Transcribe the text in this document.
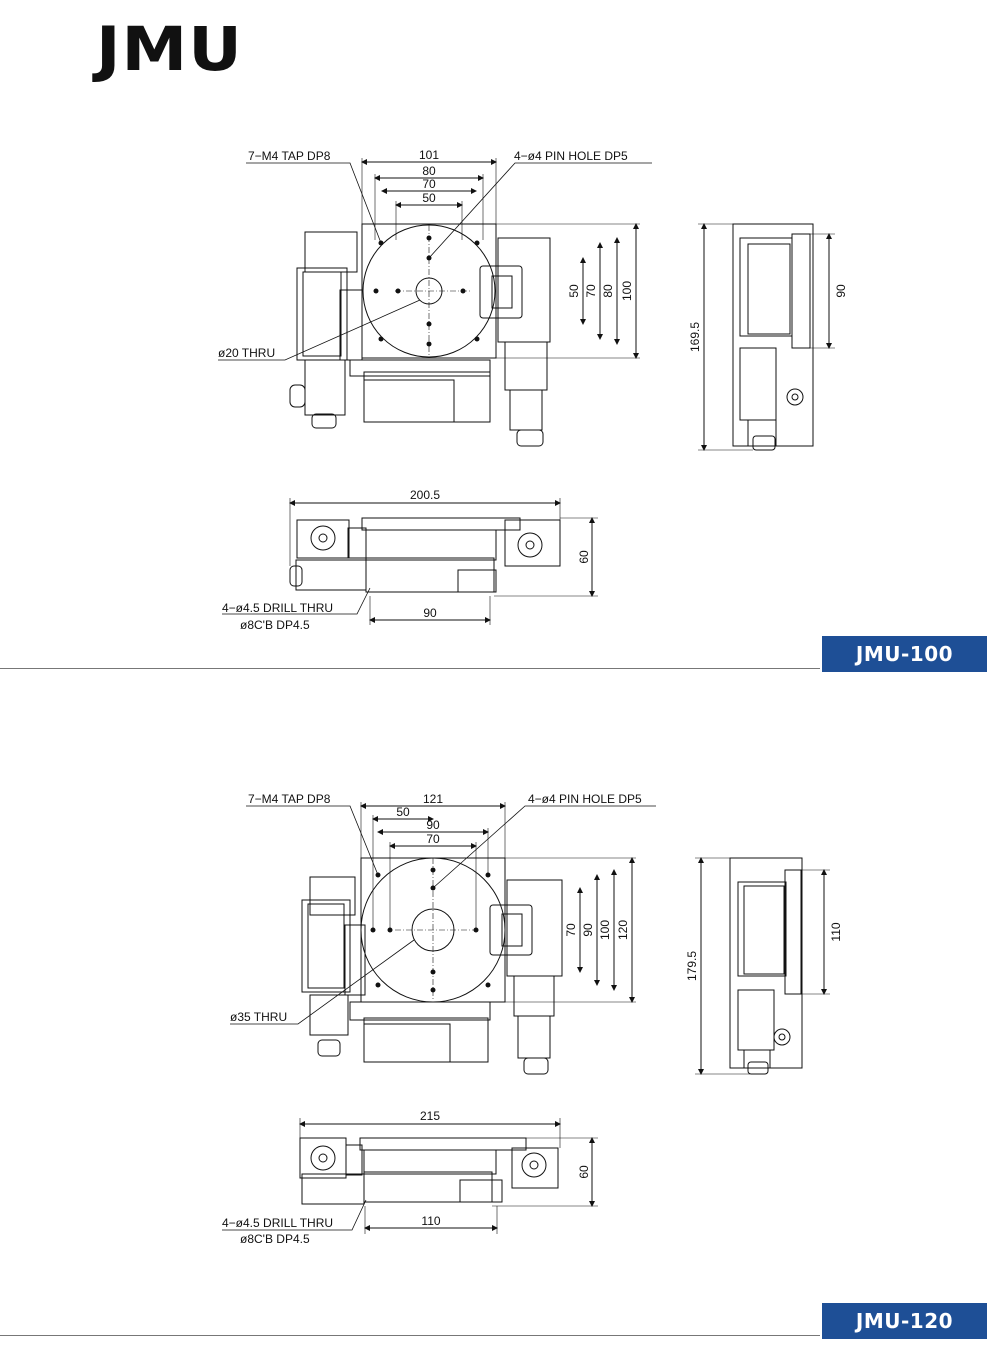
JMU
7−M4 TAP DP8	4−ø4 PIN HOLE DP5
ø20 THRU
101
80
70
50
50 70 80 100
169.5
90
200.5
60
90
4−ø4.5 DRILL THRU
ø8C'B DP4.5
7−M4 TAP DP8	4−ø4 PIN HOLE DP5
ø35 THRU
121
50
90
70
70 90 100 120
179.5
110
215
60
110
4−ø4.5 DRILL THRU
ø8C'B DP4.5
JMU-100
JMU-120
